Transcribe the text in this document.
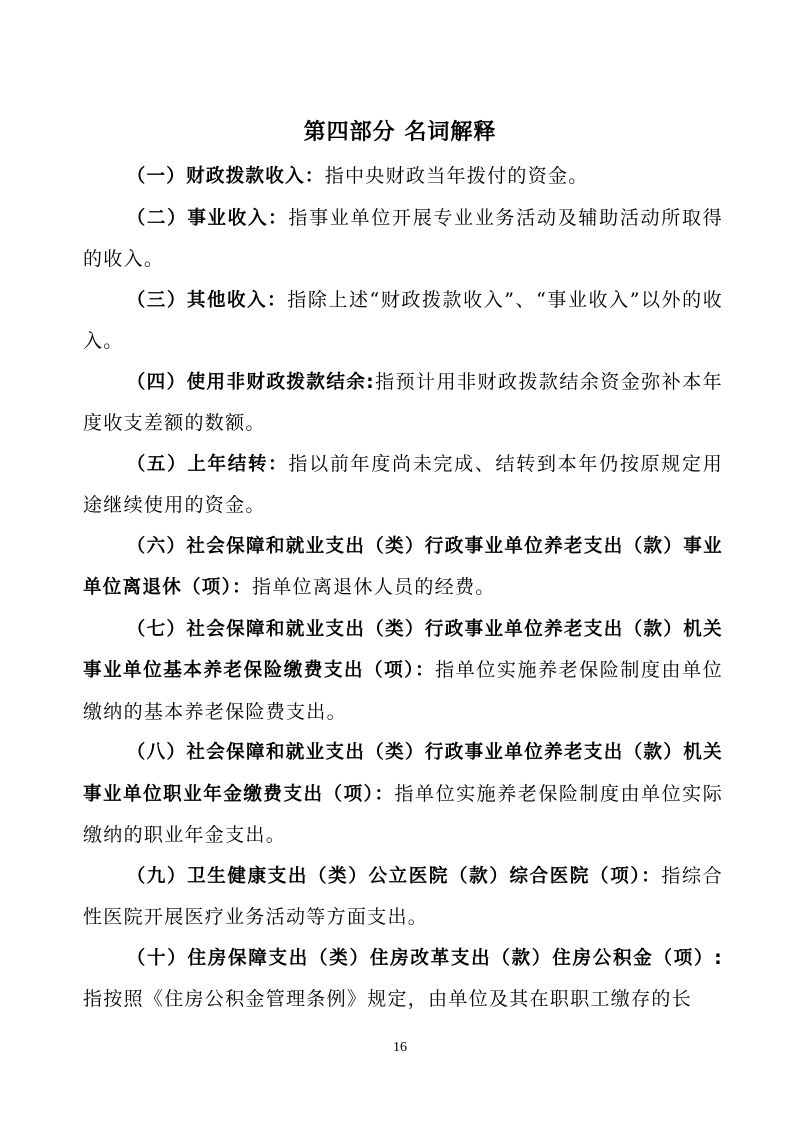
第四部分 名词解释

（一）财政拨款收入：指中央财政当年拨付的资金。

（二）事业收入：指事业单位开展专业业务活动及辅助活动所取得的收入。

（三）其他收入：指除上述“财政拨款收入”、“事业收入”以外的收入。

（四）使用非财政拨款结余:指预计用非财政拨款结余资金弥补本年度收支差额的数额。

（五）上年结转：指以前年度尚未完成、结转到本年仍按原规定用途继续使用的资金。

（六）社会保障和就业支出（类）行政事业单位养老支出（款）事业单位离退休（项）：指单位离退休人员的经费。

（七）社会保障和就业支出（类）行政事业单位养老支出（款）机关事业单位基本养老保险缴费支出（项）：指单位实施养老保险制度由单位缴纳的基本养老保险费支出。

（八）社会保障和就业支出（类）行政事业单位养老支出（款）机关事业单位职业年金缴费支出（项）：指单位实施养老保险制度由单位实际缴纳的职业年金支出。

（九）卫生健康支出（类）公立医院（款）综合医院（项）：指综合性医院开展医疗业务活动等方面支出。

（十）住房保障支出（类）住房改革支出（款）住房公积金（项）:指按照《住房公积金管理条例》规定，由单位及其在职职工缴存的长

16
